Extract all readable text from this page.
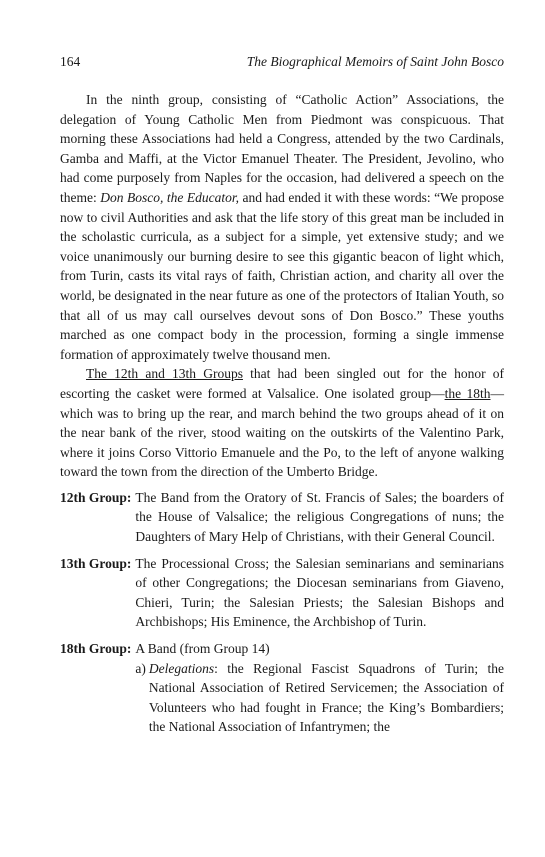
164	The Biographical Memoirs of Saint John Bosco

In the ninth group, consisting of “Catholic Action” Associations, the delegation of Young Catholic Men from Piedmont was conspicuous. That morning these Associations had held a Congress, attended by the two Cardinals, Gamba and Maffi, at the Victor Emanuel Theater. The President, Jevolino, who had come purposely from Naples for the occasion, had delivered a speech on the theme: Don Bosco, the Educator, and had ended it with these words: “We propose now to civil Authorities and ask that the life story of this great man be included in the scholastic curricula, as a subject for a simple, yet extensive study; and we voice unanimously our burning desire to see this gigantic beacon of light which, from Turin, casts its vital rays of faith, Christian action, and charity all over the world, be designated in the near future as one of the protectors of Italian Youth, so that all of us may call ourselves devout sons of Don Bosco.” These youths marched as one compact body in the procession, forming a single immense formation of approximately twelve thousand men.

The 12th and 13th Groups that had been singled out for the honor of escorting the casket were formed at Valsalice. One isolated group—the 18th—which was to bring up the rear, and march behind the two groups ahead of it on the near bank of the river, stood waiting on the outskirts of the Valentino Park, where it joins Corso Vittorio Emanuele and the Po, to the left of anyone walking toward the town from the direction of the Umberto Bridge.

12th Group: The Band from the Oratory of St. Francis of Sales; the boarders of the House of Valsalice; the religious Congregations of nuns; the Daughters of Mary Help of Christians, with their General Council.
13th Group: The Processional Cross; the Salesian seminarians and seminarians of other Congregations; the Diocesan seminarians from Giaveno, Chieri, Turin; the Salesian Priests; the Salesian Bishops and Archbishops; His Eminence, the Archbishop of Turin.
18th Group: A Band (from Group 14)
a) Delegations: the Regional Fascist Squadrons of Turin; the National Association of Retired Servicemen; the Association of Volunteers who had fought in France; the King’s Bombardiers; the National Association of Infantrymen; the
